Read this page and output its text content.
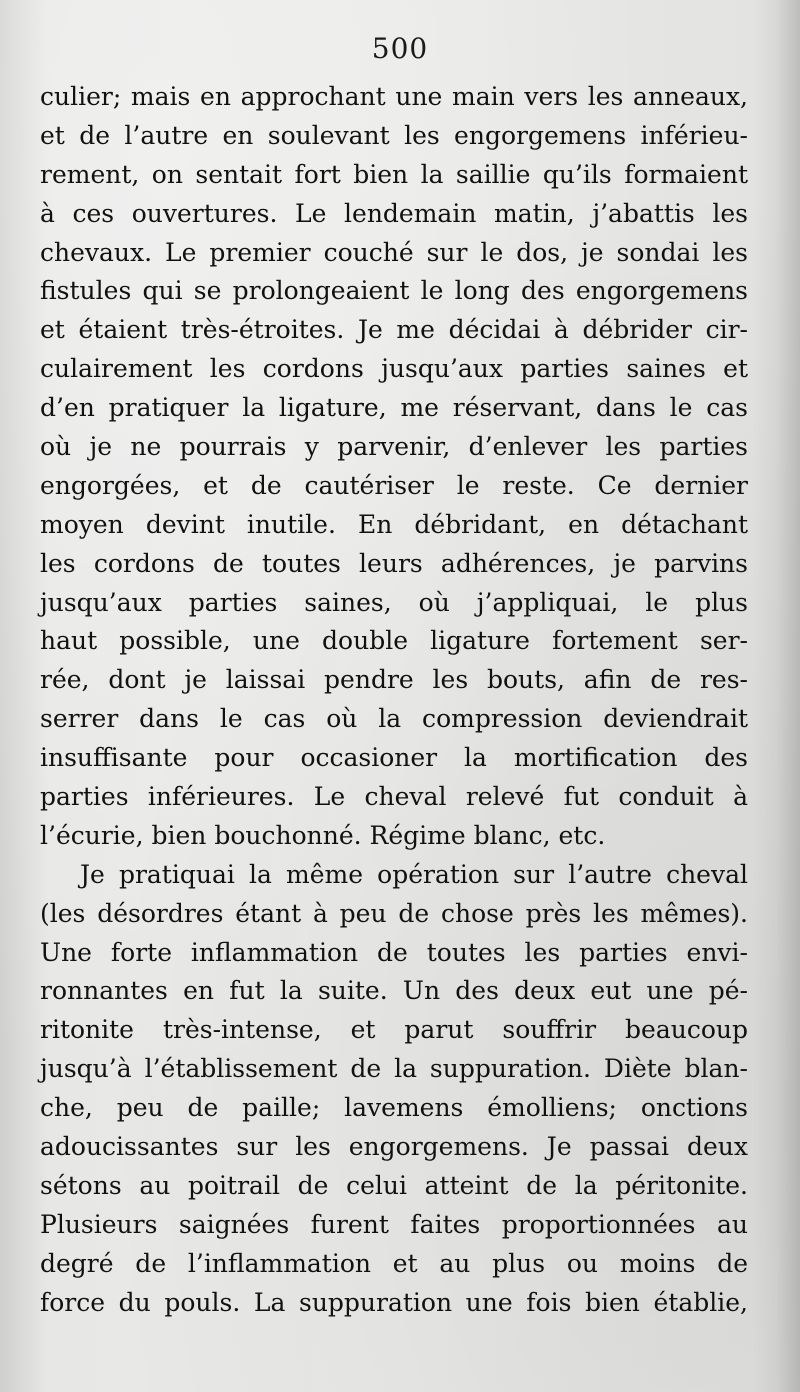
500
culier; mais en approchant une main vers les anneaux,
et de l’autre en soulevant les engorgemens inférieu-
rement, on sentait fort bien la saillie qu’ils formaient
à ces ouvertures. Le lendemain matin, j’abattis les
chevaux. Le premier couché sur le dos, je sondai les
fistules qui se prolongeaient le long des engorgemens
et étaient très-étroites. Je me décidai à débrider cir-
culairement les cordons jusqu’aux parties saines et
d’en pratiquer la ligature, me réservant, dans le cas
où je ne pourrais y parvenir, d’enlever les parties
engorgées, et de cautériser le reste. Ce dernier
moyen devint inutile. En débridant, en détachant
les cordons de toutes leurs adhérences, je parvins
jusqu’aux parties saines, où j’appliquai, le plus
haut possible, une double ligature fortement ser-
rée, dont je laissai pendre les bouts, afin de res-
serrer dans le cas où la compression deviendrait
insuffisante pour occasioner la mortification des
parties inférieures. Le cheval relevé fut conduit à
l’écurie, bien bouchonné. Régime blanc, etc.
Je pratiquai la même opération sur l’autre cheval
(les désordres étant à peu de chose près les mêmes).
Une forte inflammation de toutes les parties envi-
ronnantes en fut la suite. Un des deux eut une pé-
ritonite très-intense, et parut souffrir beaucoup
jusqu’à l’établissement de la suppuration. Diète blan-
che, peu de paille; lavemens émolliens; onctions
adoucissantes sur les engorgemens. Je passai deux
sétons au poitrail de celui atteint de la péritonite.
Plusieurs saignées furent faites proportionnées au
degré de l’inflammation et au plus ou moins de
force du pouls. La suppuration une fois bien établie,
